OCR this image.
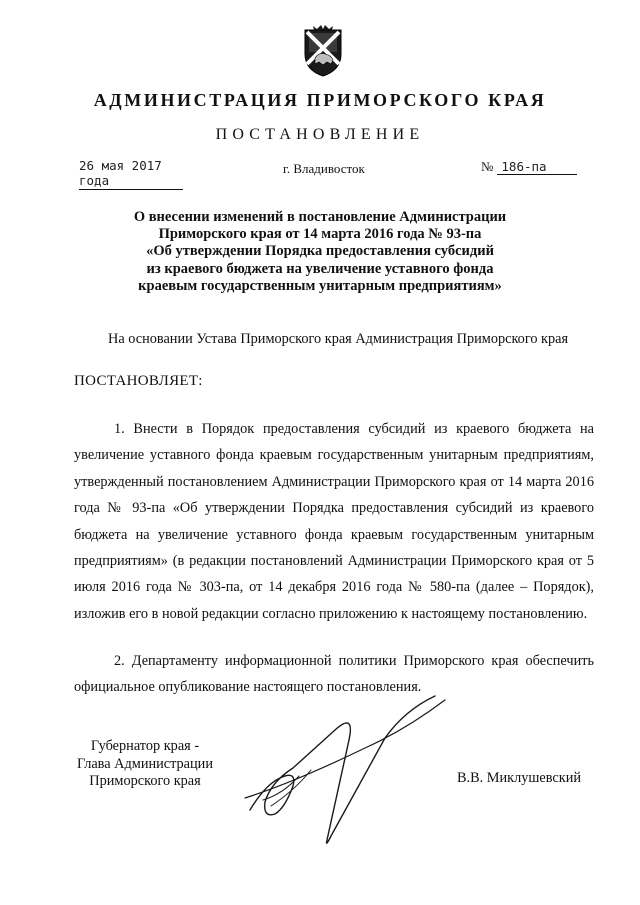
АДМИНИСТРАЦИЯ ПРИМОРСКОГО КРАЯ
ПОСТАНОВЛЕНИЕ
26 мая 2017 года
г. Владивосток	№ 186-па
О внесении изменений в постановление Администрации
Приморского края от 14 марта 2016 года № 93-па
«Об утверждении Порядка предоставления субсидий
из краевого бюджета на увеличение уставного фонда
краевым государственным унитарным предприятиям»
На основании Устава Приморского края Администрация Приморского края
ПОСТАНОВЛЯЕТ:
1. Внести в Порядок предоставления субсидий из краевого бюджета на увеличение уставного фонда краевым государственным унитарным предприятиям, утвержденный постановлением Администрации Приморского края от 14 марта 2016 года № 93-па «Об утверждении Порядка предоставления субсидий из краевого бюджета на увеличение уставного фонда краевым государственным унитарным предприятиям» (в редакции постановлений Администрации Приморского края от 5 июля 2016 года № 303-па, от 14 декабря 2016 года № 580-па (далее – Порядок), изложив его в новой редакции согласно приложению к настоящему постановлению.
2. Департаменту информационной политики Приморского края обеспечить официальное опубликование настоящего постановления.
Губернатор края -
Глава Администрации
Приморского края	В.В. Миклушевский
